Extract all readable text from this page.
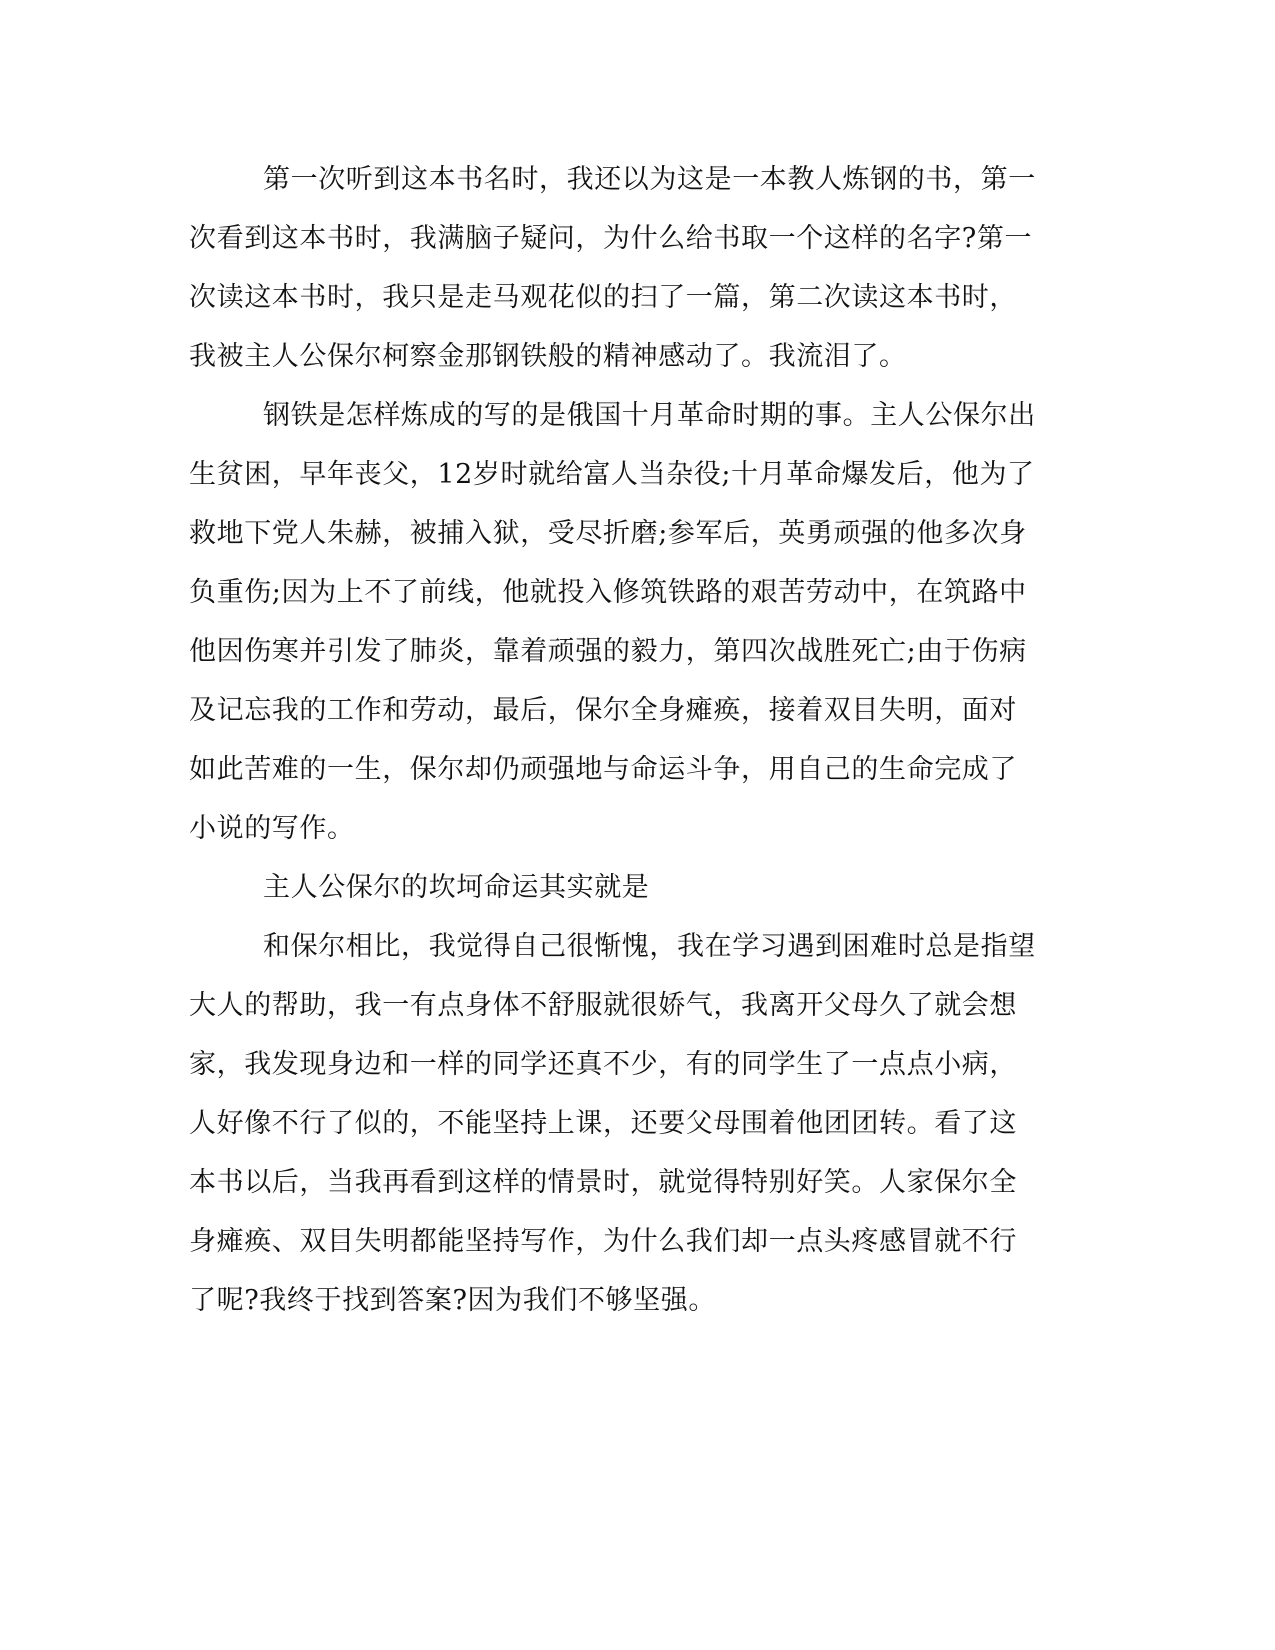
第一次听到这本书名时，我还以为这是一本教人炼钢的书，第一
次看到这本书时，我满脑子疑问，为什么给书取一个这样的名字?第一
次读这本书时，我只是走马观花似的扫了一篇，第二次读这本书时，
我被主人公保尔柯察金那钢铁般的精神感动了。我流泪了。
钢铁是怎样炼成的写的是俄国十月革命时期的事。主人公保尔出
生贫困，早年丧父，12岁时就给富人当杂役;十月革命爆发后，他为了
救地下党人朱赫，被捕入狱，受尽折磨;参军后，英勇顽强的他多次身
负重伤;因为上不了前线，他就投入修筑铁路的艰苦劳动中，在筑路中
他因伤寒并引发了肺炎，靠着顽强的毅力，第四次战胜死亡;由于伤病
及记忘我的工作和劳动，最后，保尔全身瘫痪，接着双目失明，面对
如此苦难的一生，保尔却仍顽强地与命运斗争，用自己的生命完成了
小说的写作。
主人公保尔的坎坷命运其实就是
和保尔相比，我觉得自己很惭愧，我在学习遇到困难时总是指望
大人的帮助，我一有点身体不舒服就很娇气，我离开父母久了就会想
家，我发现身边和一样的同学还真不少，有的同学生了一点点小病，
人好像不行了似的，不能坚持上课，还要父母围着他团团转。看了这
本书以后，当我再看到这样的情景时，就觉得特别好笑。人家保尔全
身瘫痪、双目失明都能坚持写作，为什么我们却一点头疼感冒就不行
了呢?我终于找到答案?因为我们不够坚强。
